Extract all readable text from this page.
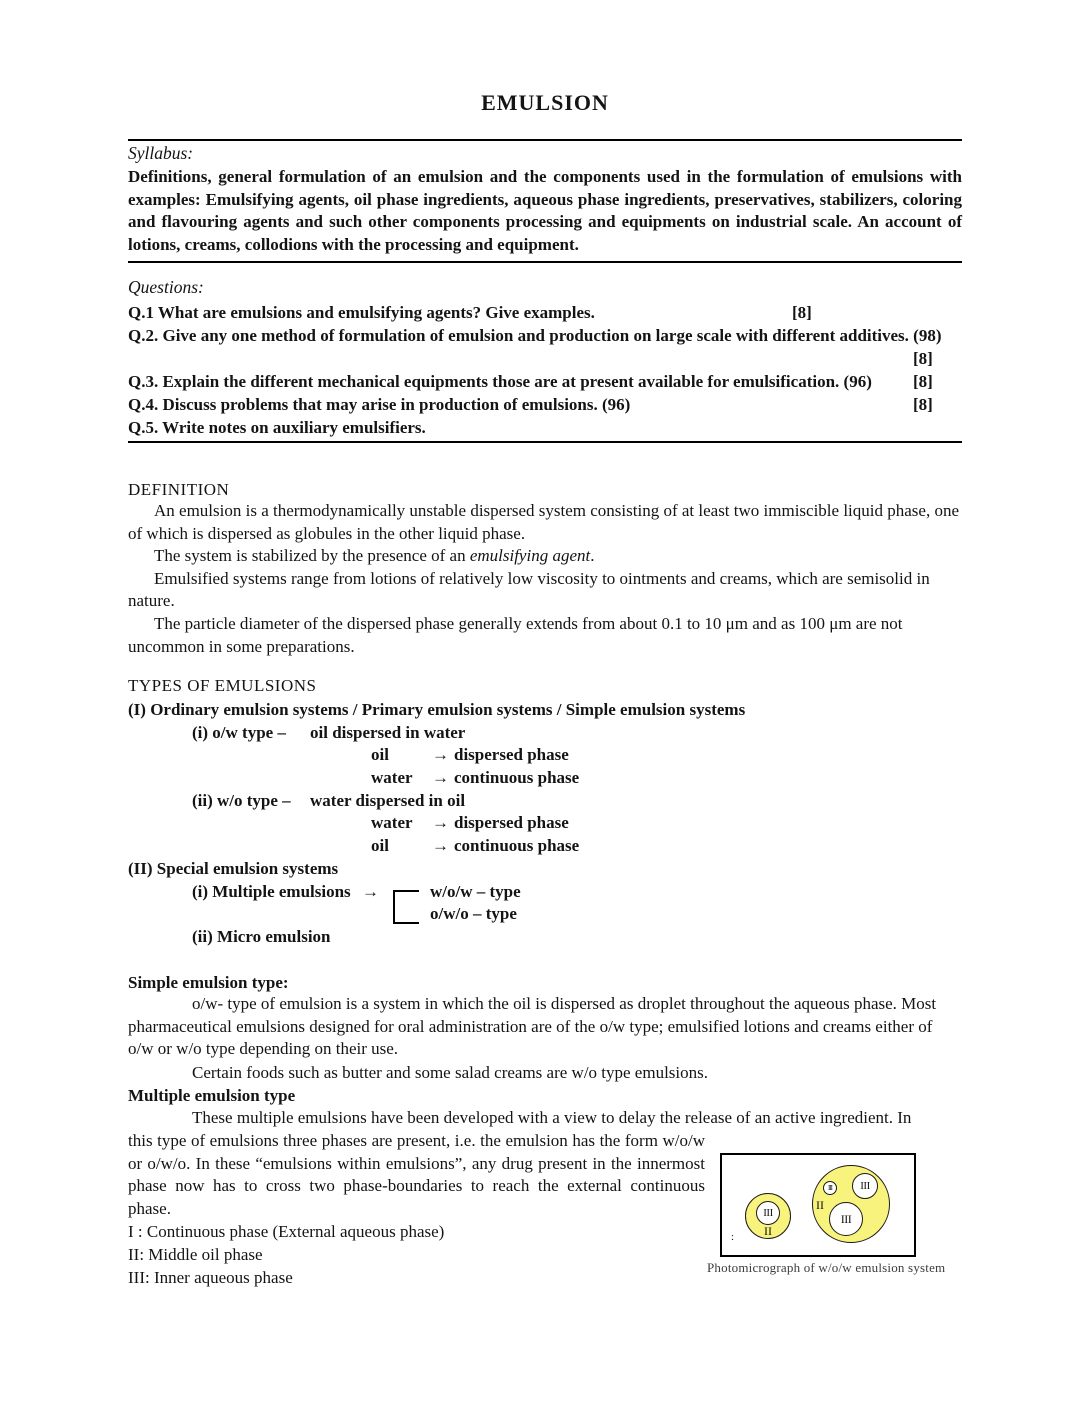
EMULSION
Syllabus:
Definitions, general formulation of an emulsion and the components used in the formulation of emulsions with examples: Emulsifying agents, oil phase ingredients, aqueous phase ingredients, preservatives, stabilizers, coloring and flavouring agents and such other components processing and equipments on industrial scale. An account of lotions, creams, collodions with the processing and equipment.
Questions:
Q.1 What are emulsions and emulsifying agents? Give examples.	[8]
Q.2. Give any one method of formulation of emulsion and production on large scale with different additives. (98)
[8]
Q.3. Explain the different mechanical equipments those are at present available for emulsification. (96) [8]
Q.4. Discuss problems that may arise in production of emulsions. (96)	[8]
Q.5. Write notes on auxiliary emulsifiers.
DEFINITION

An emulsion is a thermodynamically unstable dispersed system consisting of at least two immiscible liquid phase, one of which is dispersed as globules in the other liquid phase.

The system is stabilized by the presence of an emulsifying agent.

Emulsified systems range from lotions of relatively low viscosity to ointments and creams, which are semisolid in nature.

The particle diameter of the dispersed phase generally extends from about 0.1 to 10 μm and as 100 μm are not uncommon in some preparations.

TYPES OF EMULSIONS
(I) Ordinary emulsion systems / Primary emulsion systems / Simple emulsion systems
(i) o/w type – oil dispersed in water
oil	→ dispersed phase
water → continuous phase
(ii) w/o type – water dispersed in oil
water → dispersed phase
oil	→ continuous phase
(II) Special emulsion systems
(i) Multiple emulsions →	w/o/w – type
o/w/o – type
(ii) Micro emulsion
Simple emulsion type:
o/w- type of emulsion is a system in which the oil is dispersed as droplet throughout the aqueous phase. Most pharmaceutical emulsions designed for oral administration are of the o/w type; emulsified lotions and creams either of o/w or w/o type depending on their use.
Certain foods such as butter and some salad creams are w/o type emulsions.
Multiple emulsion type
These multiple emulsions have been developed with a view to delay the release of an active ingredient. In
this type of emulsions three phases are present, i.e. the emulsion has the form w/o/w or o/w/o. In these “emulsions within emulsions”, any drug present in the innermost phase now has to cross two phase-boundaries to reach the external continuous phase.
I : Continuous phase (External aqueous phase)
II: Middle oil phase
III: Inner aqueous phase
III
II
III
II
III
III
:
Photomicrograph of w/o/w emulsion system
